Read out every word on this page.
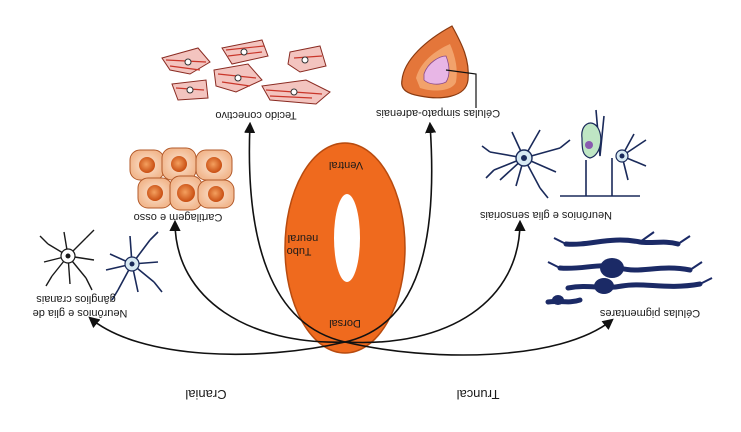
Ventral
Dorsal
Tubo
neural
Tecido conectivo	Células simpato-adrenais
Cartilagem e osso	Neurônios e glia sensoriais
Neurônios e glia de
gânglios cranais
Células pigmentares
Cranial	Truncal
